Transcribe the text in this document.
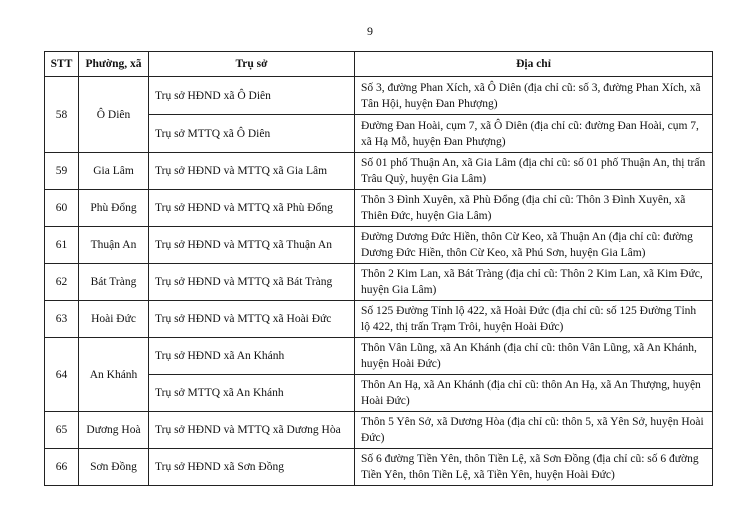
9
STT	Phường, xã	Trụ sở	Địa chỉ
58	Ô Diên	Trụ sở HĐND xã Ô Diên	Số 3, đường Phan Xích, xã Ô Diên (địa chỉ cũ: số 3, đường Phan Xích, xã Tân Hội, huyện Đan Phượng)
		Trụ sở MTTQ xã Ô Diên	Đường Đan Hoài, cụm 7, xã Ô Diên (địa chỉ cũ: đường Đan Hoài, cụm 7, xã Hạ Mỗ, huyện Đan Phượng)
59	Gia Lâm	Trụ sở HĐND và MTTQ xã Gia Lâm	Số 01 phố Thuận An, xã Gia Lâm (địa chỉ cũ: số 01 phố Thuận An, thị trấn Trâu Quỳ, huyện Gia Lâm)
60	Phù Đổng	Trụ sở HĐND và MTTQ xã Phù Đổng	Thôn 3 Đình Xuyên, xã Phù Đổng (địa chỉ cũ: Thôn 3 Đình Xuyên, xã Thiên Đức, huyện Gia Lâm)
61	Thuận An	Trụ sở HĐND và MTTQ xã Thuận An	Đường Dương Đức Hiền, thôn Cừ Keo, xã Thuận An (địa chỉ cũ: đường Dương Đức Hiền, thôn Cừ Keo, xã Phú Sơn, huyện Gia Lâm)
62	Bát Tràng	Trụ sở HĐND và MTTQ xã Bát Tràng	Thôn 2 Kim Lan, xã Bát Tràng (địa chỉ cũ: Thôn 2 Kim Lan, xã Kim Đức, huyện Gia Lâm)
63	Hoài Đức	Trụ sở HĐND và MTTQ xã Hoài Đức	Số 125 Đường Tỉnh lộ 422, xã Hoài Đức (địa chỉ cũ: số 125 Đường Tỉnh lộ 422, thị trấn Trạm Trôi, huyện Hoài Đức)
64	An Khánh	Trụ sở HĐND xã An Khánh	Thôn Vân Lũng, xã An Khánh (địa chỉ cũ: thôn Vân Lũng, xã An Khánh, huyện Hoài Đức)
		Trụ sở MTTQ xã An Khánh	Thôn An Hạ, xã An Khánh (địa chỉ cũ: thôn An Hạ, xã An Thượng, huyện Hoài Đức)
65	Dương Hoà	Trụ sở HĐND và MTTQ xã Dương Hòa	Thôn 5 Yên Sở, xã Dương Hòa (địa chỉ cũ: thôn 5, xã Yên Sở, huyện Hoài Đức)
66	Sơn Đồng	Trụ sở HĐND xã Sơn Đồng	Số 6 đường Tiền Yên, thôn Tiền Lệ, xã Sơn Đồng (địa chỉ cũ: số 6 đường Tiền Yên, thôn Tiền Lệ, xã Tiền Yên, huyện Hoài Đức)
